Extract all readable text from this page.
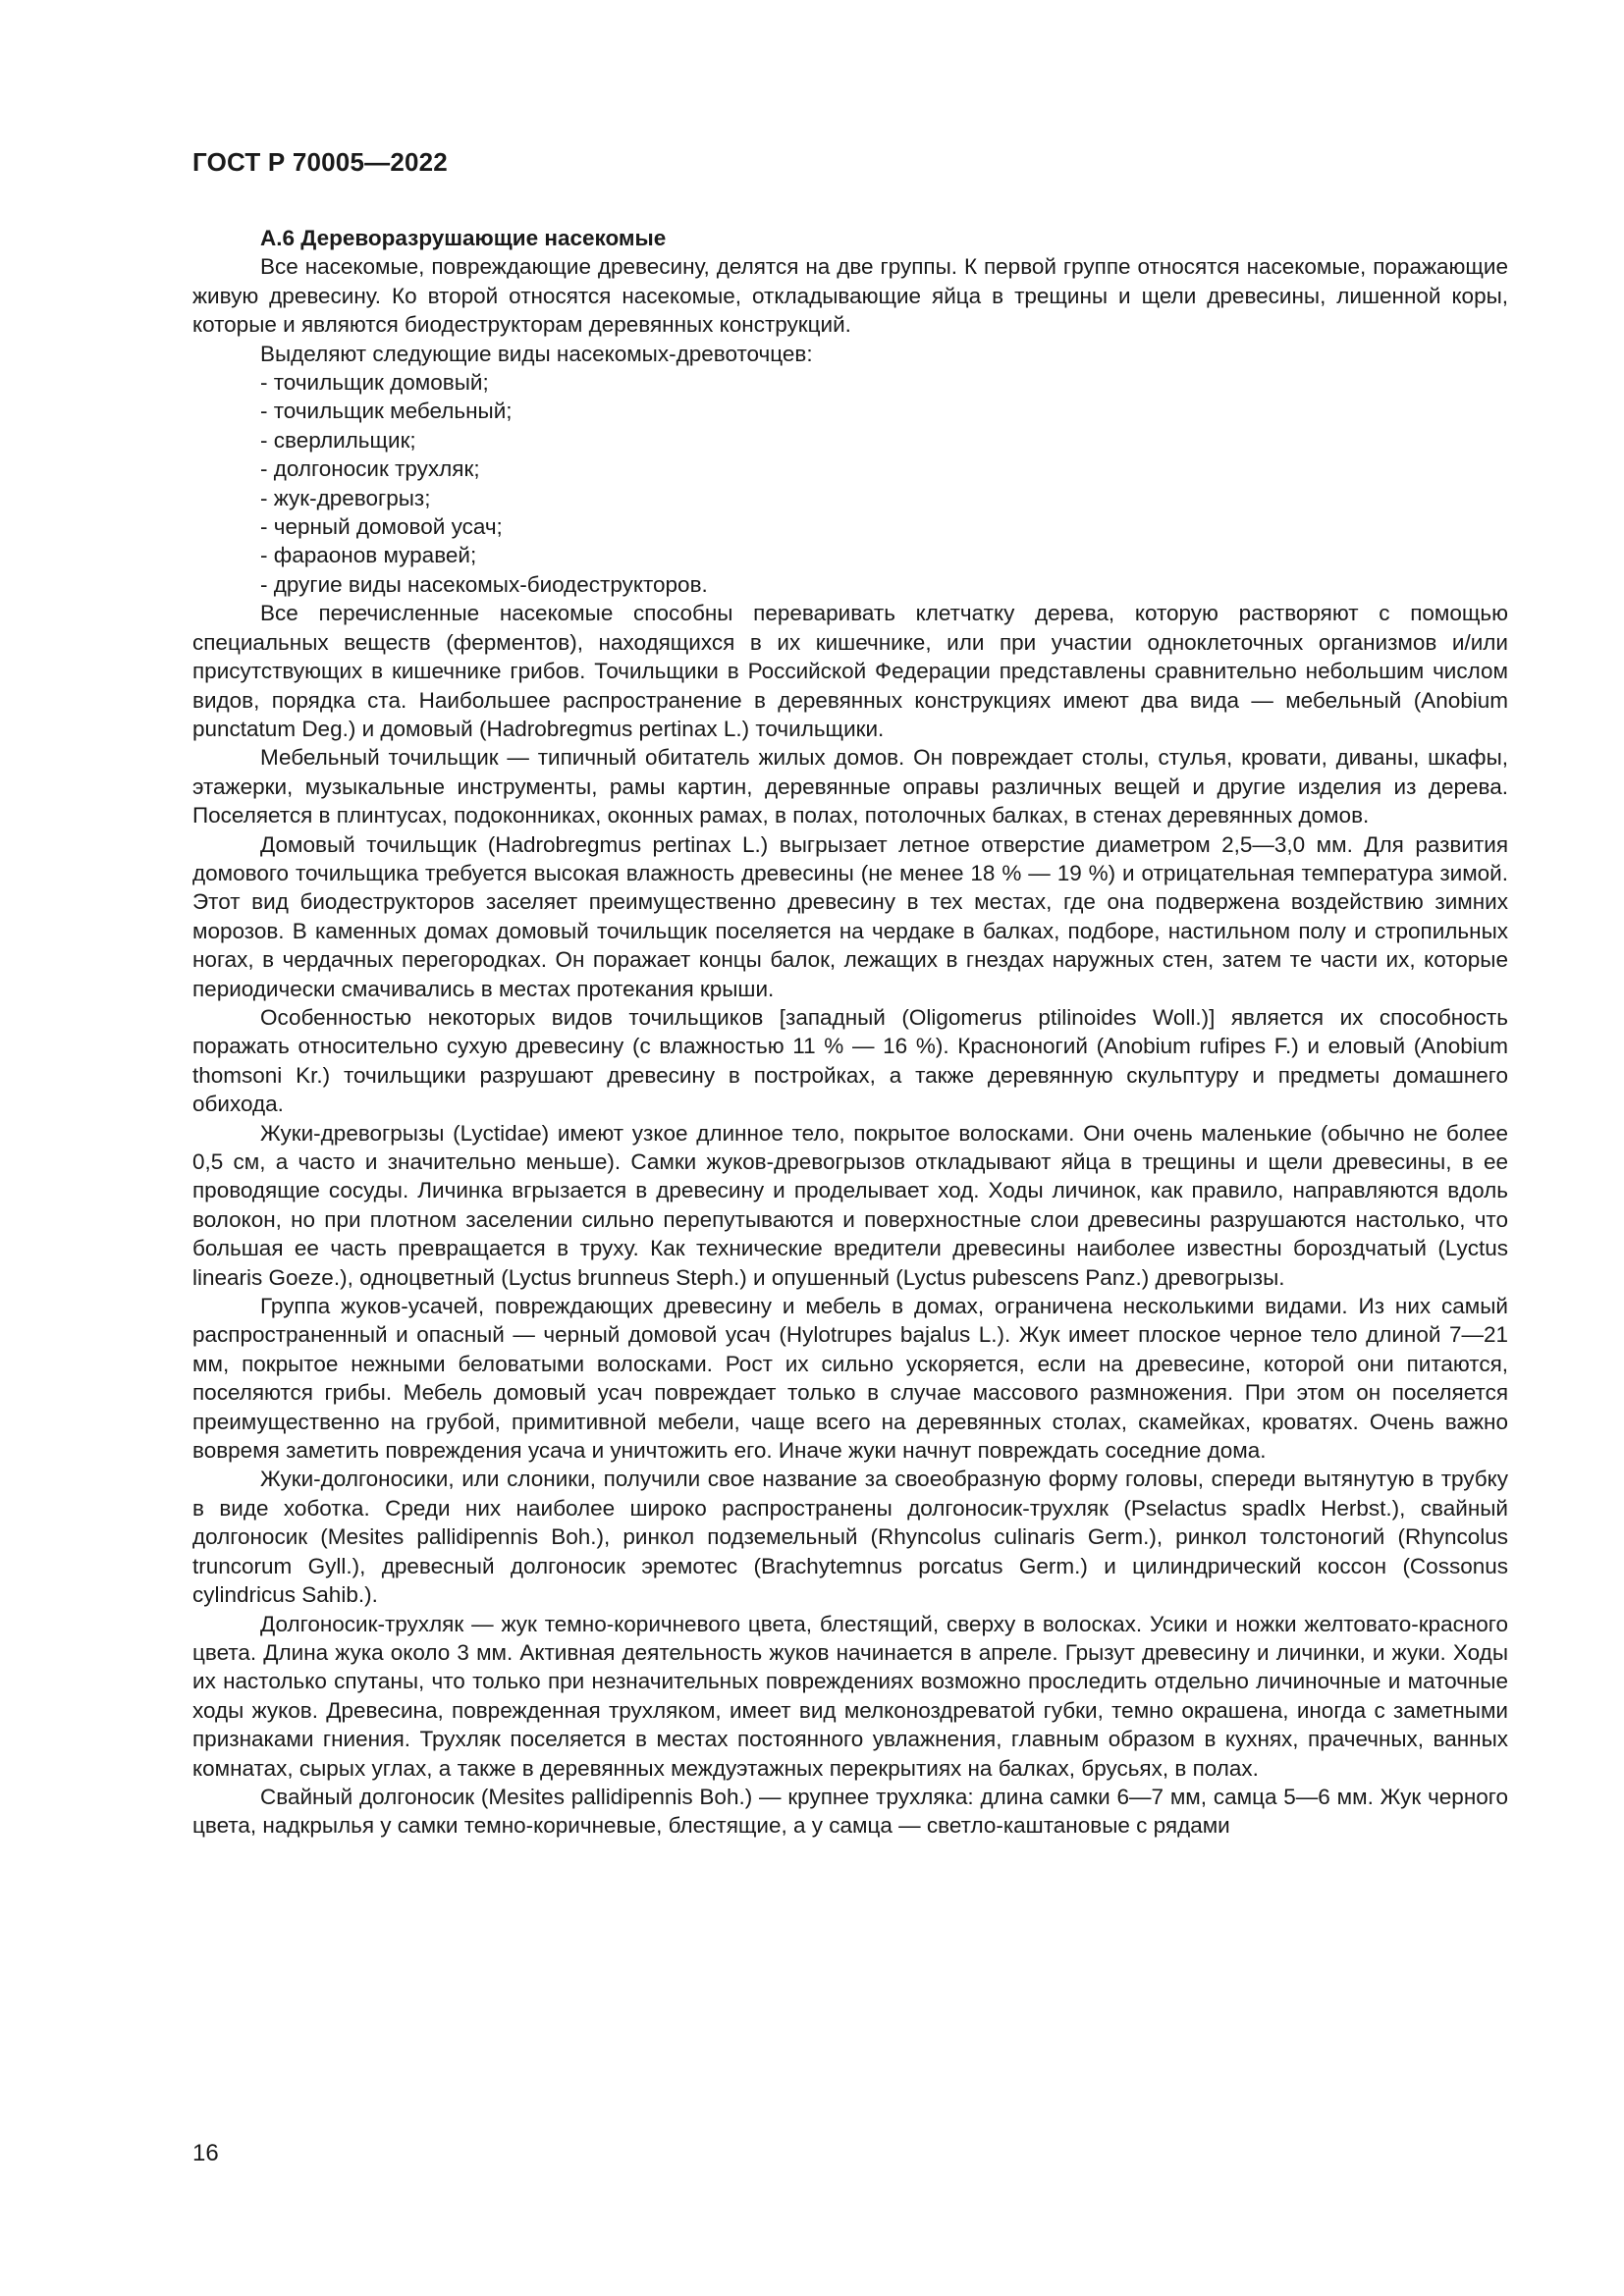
ГОСТ Р 70005—2022

А.6 Дереворазрушающие насекомые

Все насекомые, повреждающие древесину, делятся на две группы. К первой группе относятся насекомые, поражающие живую древесину. Ко второй относятся насекомые, откладывающие яйца в трещины и щели древесины, лишенной коры, которые и являются биодеструкторам деревянных конструкций.

Выделяют следующие виды насекомых-древоточцев:

- точильщик домовый;
- точильщик мебельный;
- сверлильщик;
- долгоносик трухляк;
- жук-древогрыз;
- черный домовой усач;
- фараонов муравей;
- другие виды насекомых-биодеструкторов.

Все перечисленные насекомые способны переваривать клетчатку дерева, которую растворяют с помощью специальных веществ (ферментов), находящихся в их кишечнике, или при участии одноклеточных организмов и/или присутствующих в кишечнике грибов. Точильщики в Российской Федерации представлены сравнительно небольшим числом видов, порядка ста. Наибольшее распространение в деревянных конструкциях имеют два вида — мебельный (Anobium punctatum Deg.) и домовый (Hadrobregmus pertinax L.) точильщики.

Мебельный точильщик — типичный обитатель жилых домов. Он повреждает столы, стулья, кровати, диваны, шкафы, этажерки, музыкальные инструменты, рамы картин, деревянные оправы различных вещей и другие изделия из дерева. Поселяется в плинтусах, подоконниках, оконных рамах, в полах, потолочных балках, в стенах деревянных домов.

Домовый точильщик (Hadrobregmus pertinax L.) выгрызает летное отверстие диаметром 2,5—3,0 мм. Для развития домового точильщика требуется высокая влажность древесины (не менее 18 % — 19 %) и отрицательная температура зимой. Этот вид биодеструкторов заселяет преимущественно древесину в тех местах, где она подвержена воздействию зимних морозов. В каменных домах домовый точильщик поселяется на чердаке в балках, подборе, настильном полу и стропильных ногах, в чердачных перегородках. Он поражает концы балок, лежащих в гнездах наружных стен, затем те части их, которые периодически смачивались в местах протекания крыши.

Особенностью некоторых видов точильщиков [западный (Oligomerus ptilinoides Woll.)] является их способность поражать относительно сухую древесину (с влажностью 11 % — 16 %). Красноногий (Anobium rufipes F.) и еловый (Anobium thomsoni Kr.) точильщики разрушают древесину в постройках, а также деревянную скульптуру и предметы домашнего обихода.

Жуки-древогрызы (Lyctidae) имеют узкое длинное тело, покрытое волосками. Они очень маленькие (обычно не более 0,5 см, а часто и значительно меньше). Самки жуков-древогрызов откладывают яйца в трещины и щели древесины, в ее проводящие сосуды. Личинка вгрызается в древесину и проделывает ход. Ходы личинок, как правило, направляются вдоль волокон, но при плотном заселении сильно перепутываются и поверхностные слои древесины разрушаются настолько, что большая ее часть превращается в труху. Как технические вредители древесины наиболее известны бороздчатый (Lyctus linearis Goeze.), одноцветный (Lyctus brunneus Steph.) и опушенный (Lyctus pubescens Panz.) древогрызы.

Группа жуков-усачей, повреждающих древесину и мебель в домах, ограничена несколькими видами. Из них самый распространенный и опасный — черный домовой усач (Hylotrupes bajalus L.). Жук имеет плоское черное тело длиной 7—21 мм, покрытое нежными беловатыми волосками. Рост их сильно ускоряется, если на древесине, которой они питаются, поселяются грибы. Мебель домовый усач повреждает только в случае массового размножения. При этом он поселяется преимущественно на грубой, примитивной мебели, чаще всего на деревянных столах, скамейках, кроватях. Очень важно вовремя заметить повреждения усача и уничтожить его. Иначе жуки начнут повреждать соседние дома.

Жуки-долгоносики, или слоники, получили свое название за своеобразную форму головы, спереди вытянутую в трубку в виде хоботка. Среди них наиболее широко распространены долгоносик-трухляк (Pselactus spadlx Herbst.), свайный долгоносик (Mesites pallidipennis Boh.), ринкол подземельный (Rhyncolus culinaris Germ.), ринкол толстоногий (Rhyncolus truncorum Gyll.), древесный долгоносик эремотес (Brachytemnus porcatus Germ.) и цилиндрический коссон (Cossonus cylindricus Sahib.).

Долгоносик-трухляк — жук темно-коричневого цвета, блестящий, сверху в волосках. Усики и ножки желтовато-красного цвета. Длина жука около 3 мм. Активная деятельность жуков начинается в апреле. Грызут древесину и личинки, и жуки. Ходы их настолько спутаны, что только при незначительных повреждениях возможно проследить отдельно личиночные и маточные ходы жуков. Древесина, поврежденная трухляком, имеет вид мелконоздреватой губки, темно окрашена, иногда с заметными признаками гниения. Трухляк поселяется в местах постоянного увлажнения, главным образом в кухнях, прачечных, ванных комнатах, сырых углах, а также в деревянных междуэтажных перекрытиях на балках, брусьях, в полах.

Свайный долгоносик (Mesites pallidipennis Boh.) — крупнее трухляка: длина самки 6—7 мм, самца 5—6 мм. Жук черного цвета, надкрылья у самки темно-коричневые, блестящие, а у самца — светло-каштановые с рядами

16
